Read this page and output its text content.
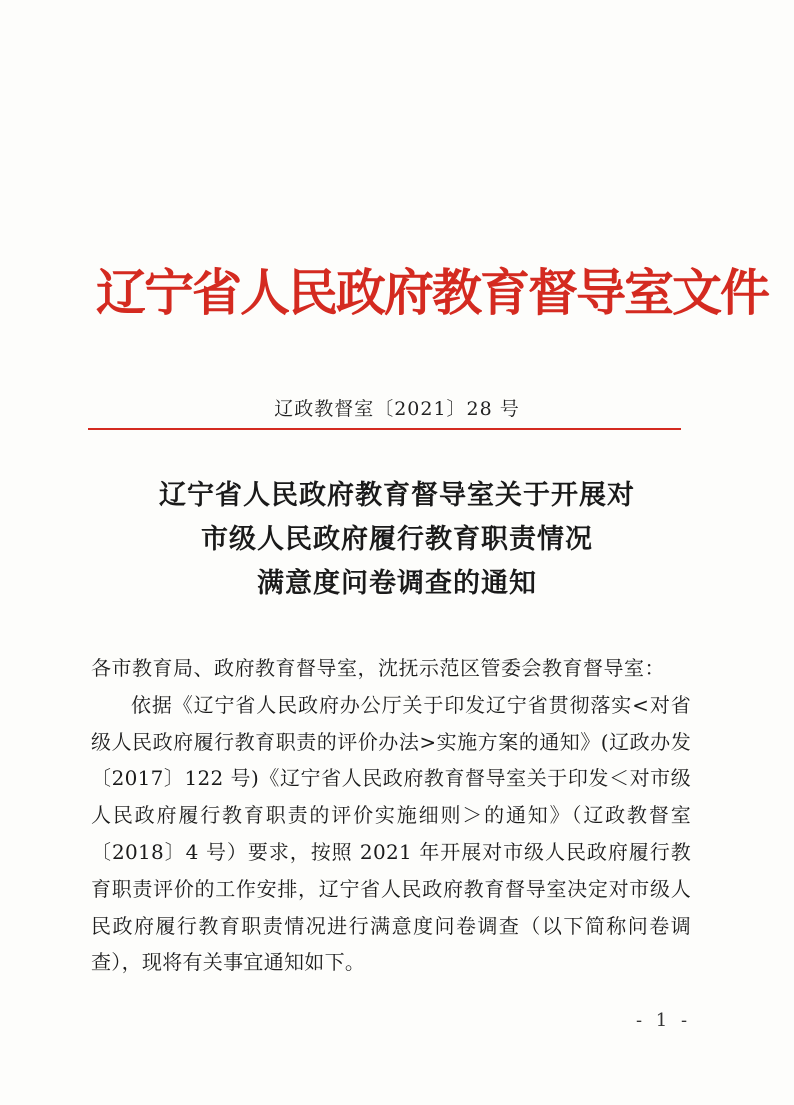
辽宁省人民政府教育督导室文件
辽政教督室〔2021〕28 号
辽宁省人民政府教育督导室关于开展对
市级人民政府履行教育职责情况
满意度问卷调查的通知
各市教育局、政府教育督导室，沈抚示范区管委会教育督导室：
依据《辽宁省人民政府办公厅关于印发辽宁省贯彻落实<对省级人民政府履行教育职责的评价办法>实施方案的通知》(辽政办发〔2017〕122 号)《辽宁省人民政府教育督导室关于印发＜对市级人民政府履行教育职责的评价实施细则＞的通知》（辽政教督室〔2018〕4 号）要求，按照 2021 年开展对市级人民政府履行教育职责评价的工作安排，辽宁省人民政府教育督导室决定对市级人民政府履行教育职责情况进行满意度问卷调查（以下简称问卷调查），现将有关事宜通知如下。
- 1 -
